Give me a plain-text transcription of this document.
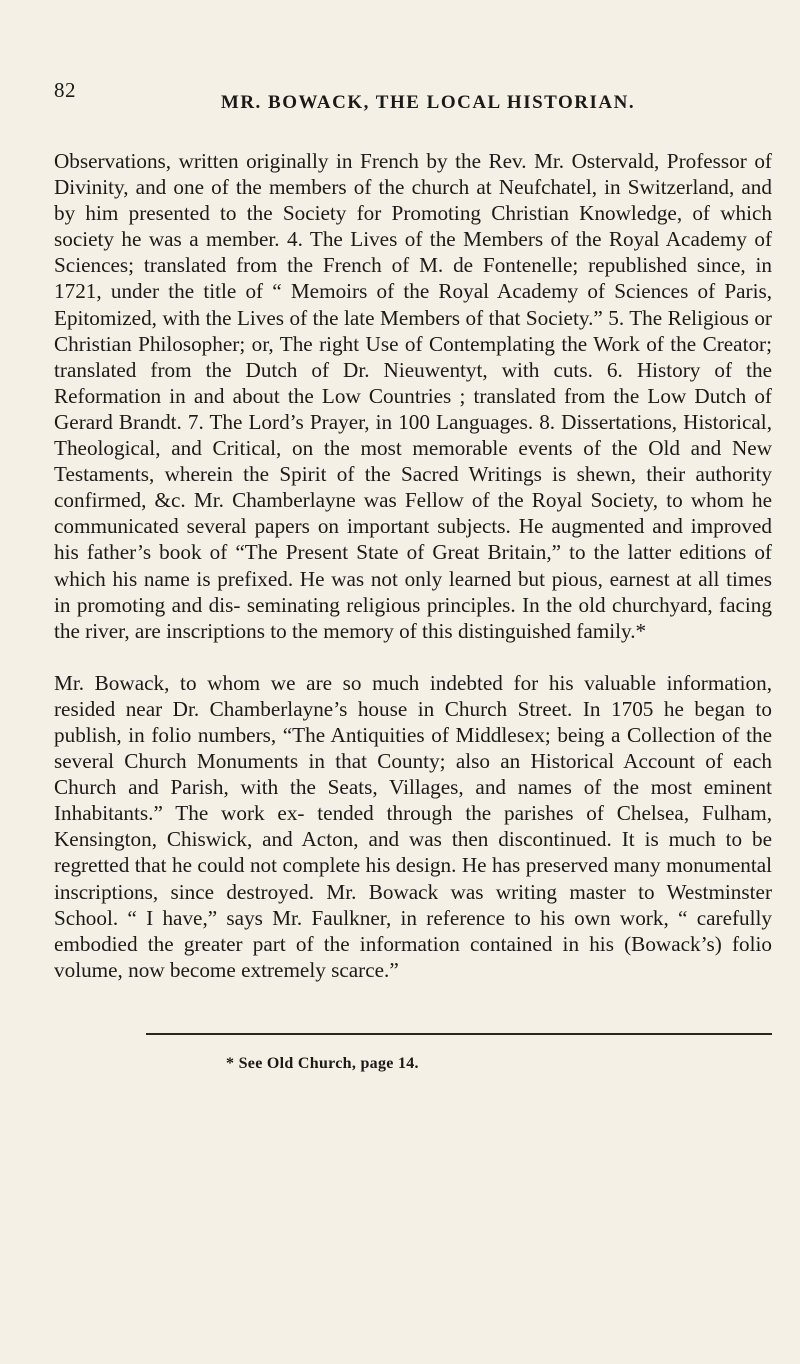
82
MR. BOWACK, THE LOCAL HISTORIAN.

Observations, written originally in French by the Rev. Mr. Ostervald, Professor of Divinity, and one of the members of the church at Neufchatel, in Switzerland, and by him presented to the Society for Promoting Christian Knowledge, of which society he was a member. 4. The Lives of the Members of the Royal Academy of Sciences; translated from the French of M. de Fontenelle; republished since, in 1721, under the title of “ Memoirs of the Royal Academy of Sciences of Paris, Epitomized, with the Lives of the late Members of that Society.” 5. The Religious or Christian Philosopher; or, The right Use of Contemplating the Work of the Creator; translated from the Dutch of Dr. Nieuwentyt, with cuts. 6. History of the Reformation in and about the Low Countries ; translated from the Low Dutch of Gerard Brandt. 7. The Lord’s Prayer, in 100 Languages. 8. Dissertations, Historical, Theological, and Critical, on the most memorable events of the Old and New Testaments, wherein the Spirit of the Sacred Writings is shewn, their authority confirmed, &c. Mr. Chamberlayne was Fellow of the Royal Society, to whom he communicated several papers on important subjects. He augmented and improved his father’s book of “The Present State of Great Britain,” to the latter editions of which his name is prefixed. He was not only learned but pious, earnest at all times in promoting and dis- seminating religious principles. In the old churchyard, facing the river, are inscriptions to the memory of this distinguished family.*

Mr. Bowack, to whom we are so much indebted for his valuable information, resided near Dr. Chamberlayne’s house in Church Street. In 1705 he began to publish, in folio numbers, “The Antiquities of Middlesex; being a Collection of the several Church Monuments in that County; also an Historical Account of each Church and Parish, with the Seats, Villages, and names of the most eminent Inhabitants.” The work ex- tended through the parishes of Chelsea, Fulham, Kensington, Chiswick, and Acton, and was then discontinued. It is much to be regretted that he could not complete his design. He has preserved many monumental inscriptions, since destroyed. Mr. Bowack was writing master to Westminster School. “ I have,” says Mr. Faulkner, in reference to his own work, “ carefully embodied the greater part of the information contained in his (Bowack’s) folio volume, now become extremely scarce.”

* See Old Church, page 14.
